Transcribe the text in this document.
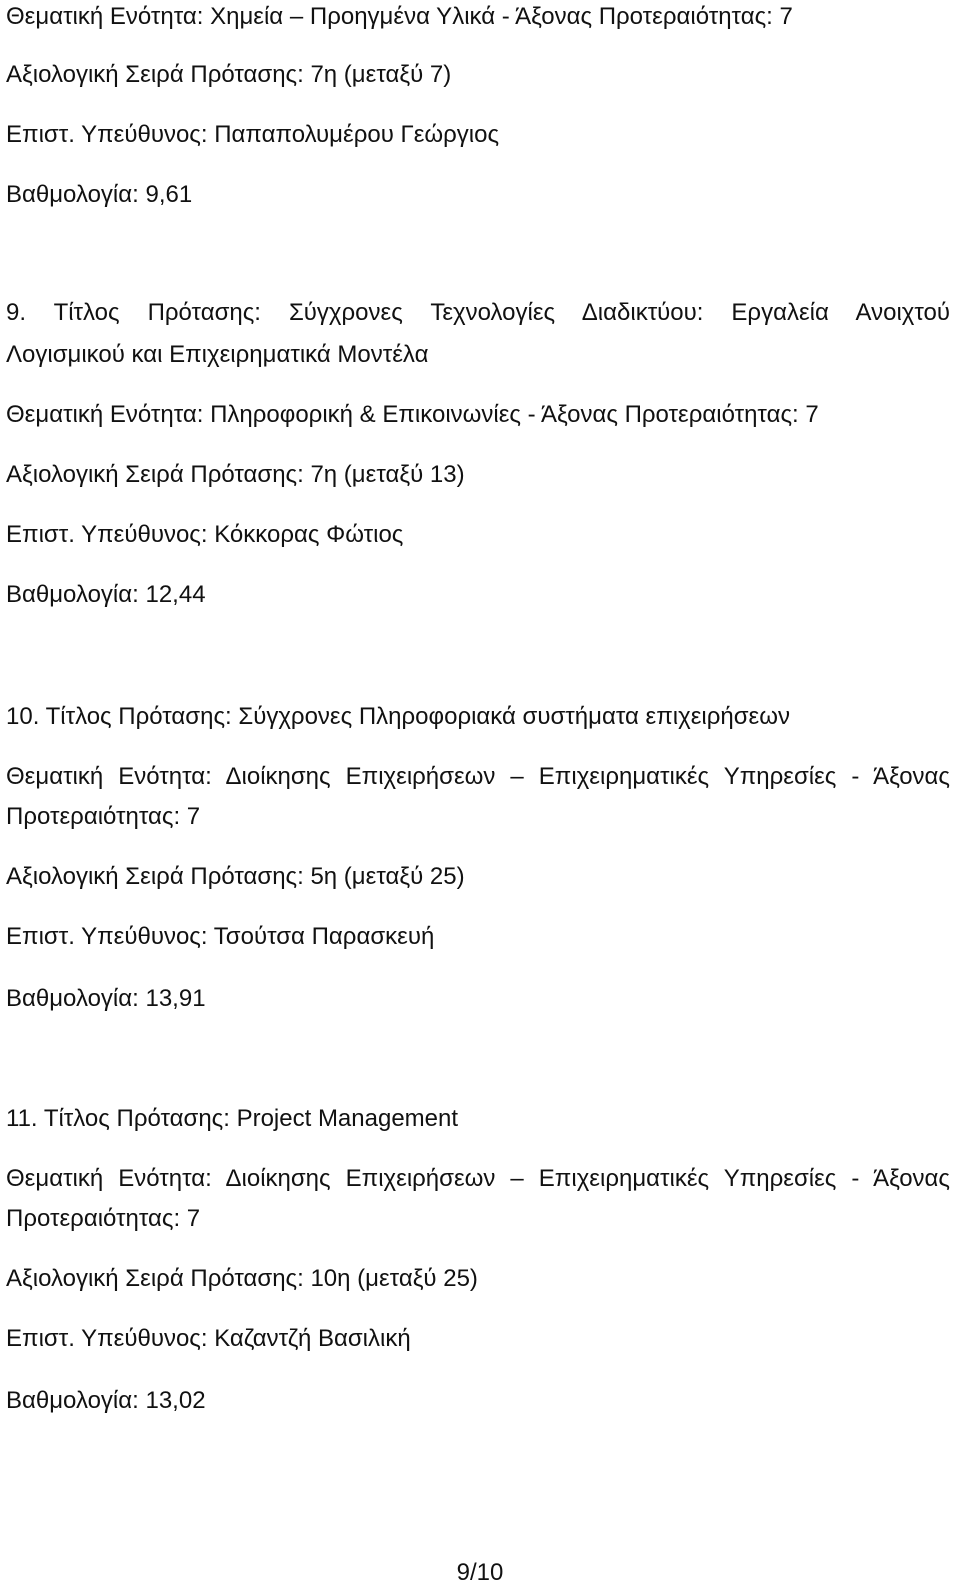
Θεματική Ενότητα: Χημεία – Προηγμένα Υλικά - Άξονας Προτεραιότητας: 7
Αξιολογική Σειρά Πρότασης: 7η (μεταξύ 7)
Επιστ. Υπεύθυνος: Παπαπολυμέρου Γεώργιος
Βαθμολογία: 9,61
9. Τίτλος Πρότασης: Σύγχρονες Τεχνολογίες Διαδικτύου: Εργαλεία Ανοιχτού
Λογισμικού και Επιχειρηματικά Μοντέλα
Θεματική Ενότητα: Πληροφορική & Επικοινωνίες - Άξονας Προτεραιότητας: 7
Αξιολογική Σειρά Πρότασης: 7η (μεταξύ 13)
Επιστ. Υπεύθυνος: Κόκκορας Φώτιος
Βαθμολογία: 12,44
10. Τίτλος Πρότασης: Σύγχρονες Πληροφοριακά συστήματα επιχειρήσεων
Θεματική Ενότητα: Διοίκησης Επιχειρήσεων – Επιχειρηματικές Υπηρεσίες - Άξονας
Προτεραιότητας: 7
Αξιολογική Σειρά Πρότασης: 5η (μεταξύ 25)
Επιστ. Υπεύθυνος: Τσούτσα Παρασκευή
Βαθμολογία: 13,91
11. Τίτλος Πρότασης: Project Management
Θεματική Ενότητα: Διοίκησης Επιχειρήσεων – Επιχειρηματικές Υπηρεσίες - Άξονας
Προτεραιότητας: 7
Αξιολογική Σειρά Πρότασης: 10η (μεταξύ 25)
Επιστ. Υπεύθυνος: Καζαντζή Βασιλική
Βαθμολογία: 13,02
9/10
